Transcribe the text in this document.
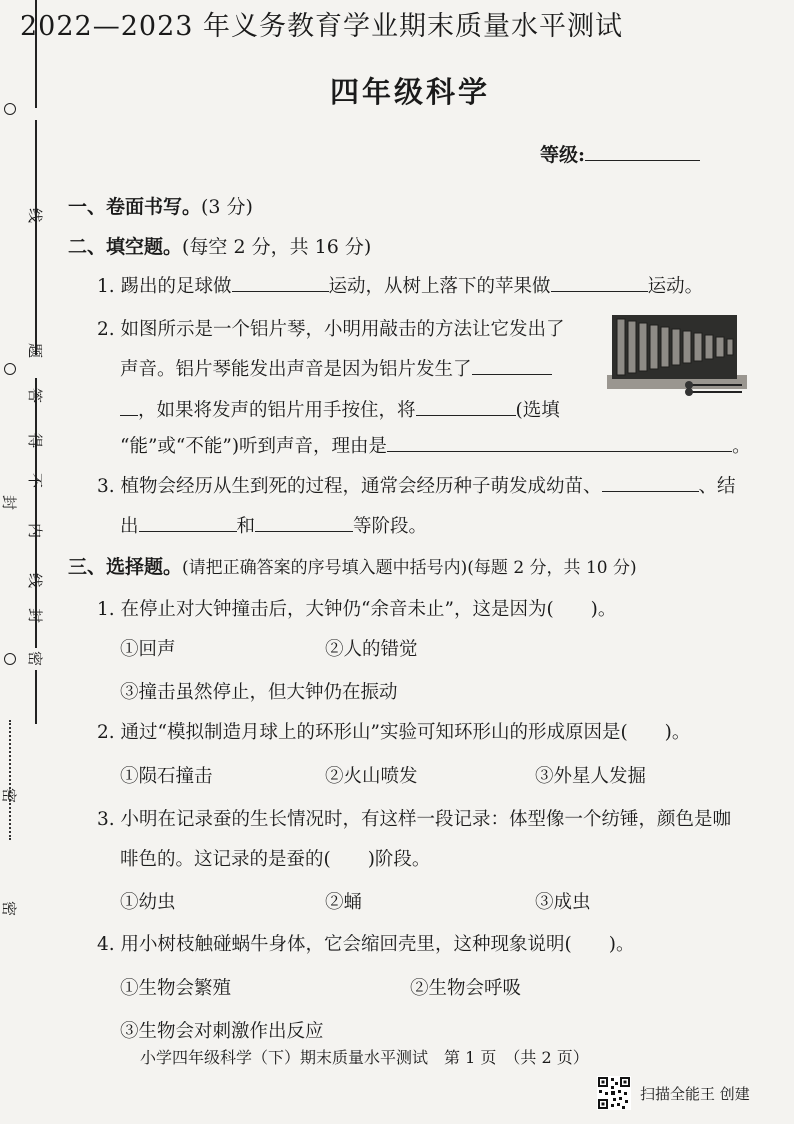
2022—2023 年义务教育学业期末质量水平测试
四年级科学
等级:
线
题
答
得
不
内
线
封
密
封
密
密
一、卷面书写。(3 分)
二、填空题。(每空 2 分，共 16 分)
1. 踢出的足球做	运动，从树上落下的苹果做	运动。
2. 如图所示是一个铝片琴，小明用敲击的方法让它发出了
声音。铝片琴能发出声音是因为铝片发生了
，如果将发声的铝片用手按住，将	(选填
“能”或“不能”)听到声音，理由是	。
3. 植物会经历从生到死的过程，通常会经历种子萌发成幼苗、	、结
出	和	等阶段。
三、选择题。(请把正确答案的序号填入题中括号内)(每题 2 分，共 10 分)
1. 在停止对大钟撞击后，大钟仍“余音未止”，这是因为(　　)。
①回声	②人的错觉
③撞击虽然停止，但大钟仍在振动
2. 通过“模拟制造月球上的环形山”实验可知环形山的形成原因是(　　)。
①陨石撞击	②火山喷发	③外星人发掘
3. 小明在记录蚕的生长情况时，有这样一段记录：体型像一个纺锤，颜色是咖
啡色的。这记录的是蚕的(　　)阶段。
①幼虫	②蛹	③成虫
4. 用小树枝触碰蜗牛身体，它会缩回壳里，这种现象说明(　　)。
①生物会繁殖	②生物会呼吸
③生物会对刺激作出反应
小学四年级科学（下）期末质量水平测试　第 1 页　（共 2 页）
扫描全能王 创建
